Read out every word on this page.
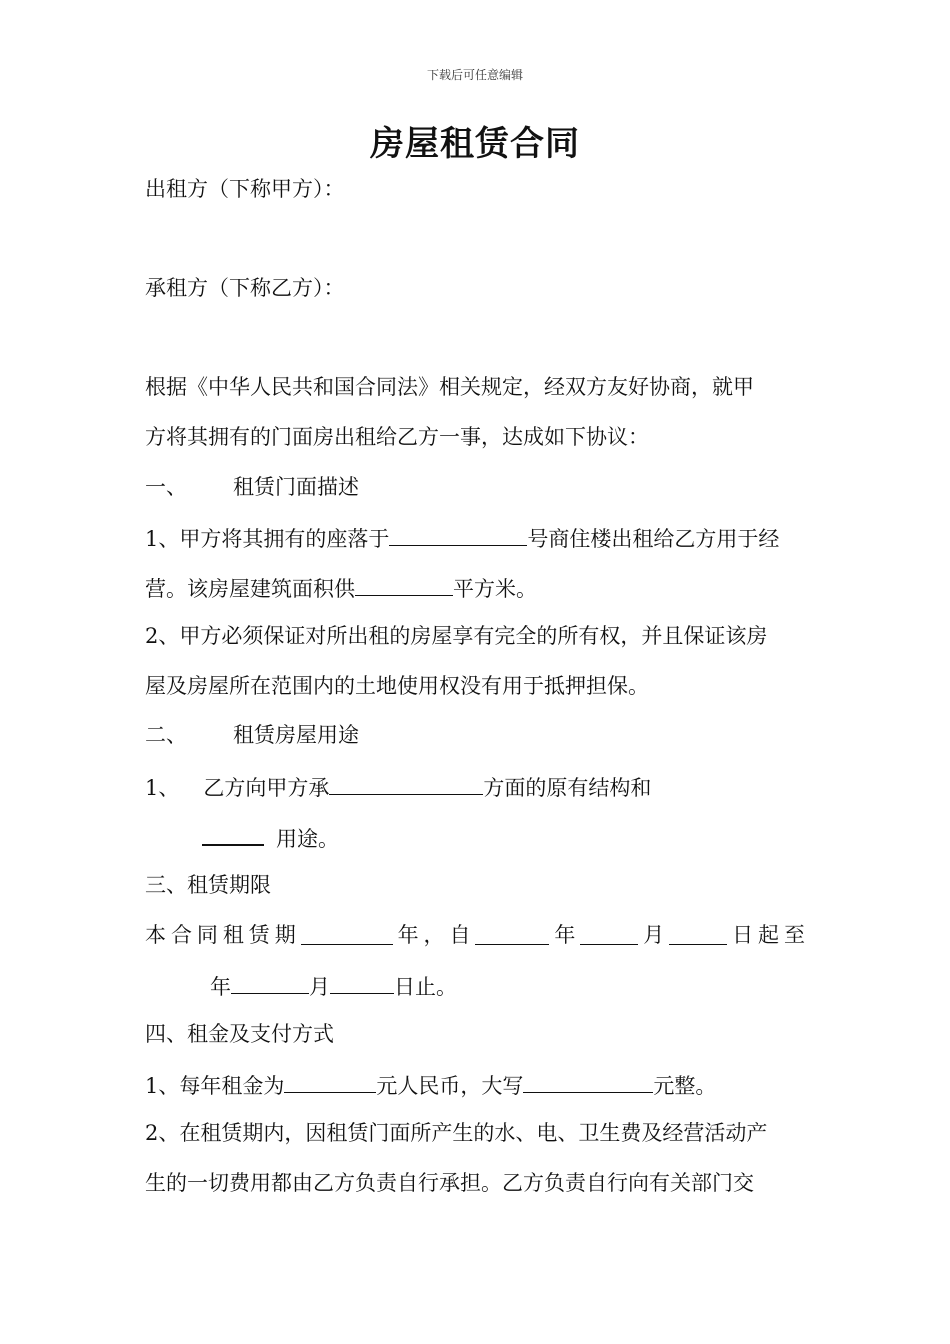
下载后可任意编辑
房屋租赁合同
出租方（下称甲方）：
承租方（下称乙方）：
根据《中华人民共和国合同法》相关规定，经双方友好协商，就甲
方将其拥有的门面房出租给乙方一事，达成如下协议：
一、 租赁门面描述
1、甲方将其拥有的座落于	号商住楼出租给乙方用于经
营。该房屋建筑面积供	平方米。
2、甲方必须保证对所出租的房屋享有完全的所有权，并且保证该房
屋及房屋所在范围内的土地使用权没有用于抵押担保。
二、 租赁房屋用途
1、 乙方向甲方承	方面的原有结构和
用途。
三、租赁期限
本 合 同 租 赁 期	年 ， 自	年	月	日 起 至
年	月	日止。
四、租金及支付方式
1、每年租金为	元人民币，大写	元整。
2、在租赁期内，因租赁门面所产生的水、电、卫生费及经营活动产
生的一切费用都由乙方负责自行承担。乙方负责自行向有关部门交
